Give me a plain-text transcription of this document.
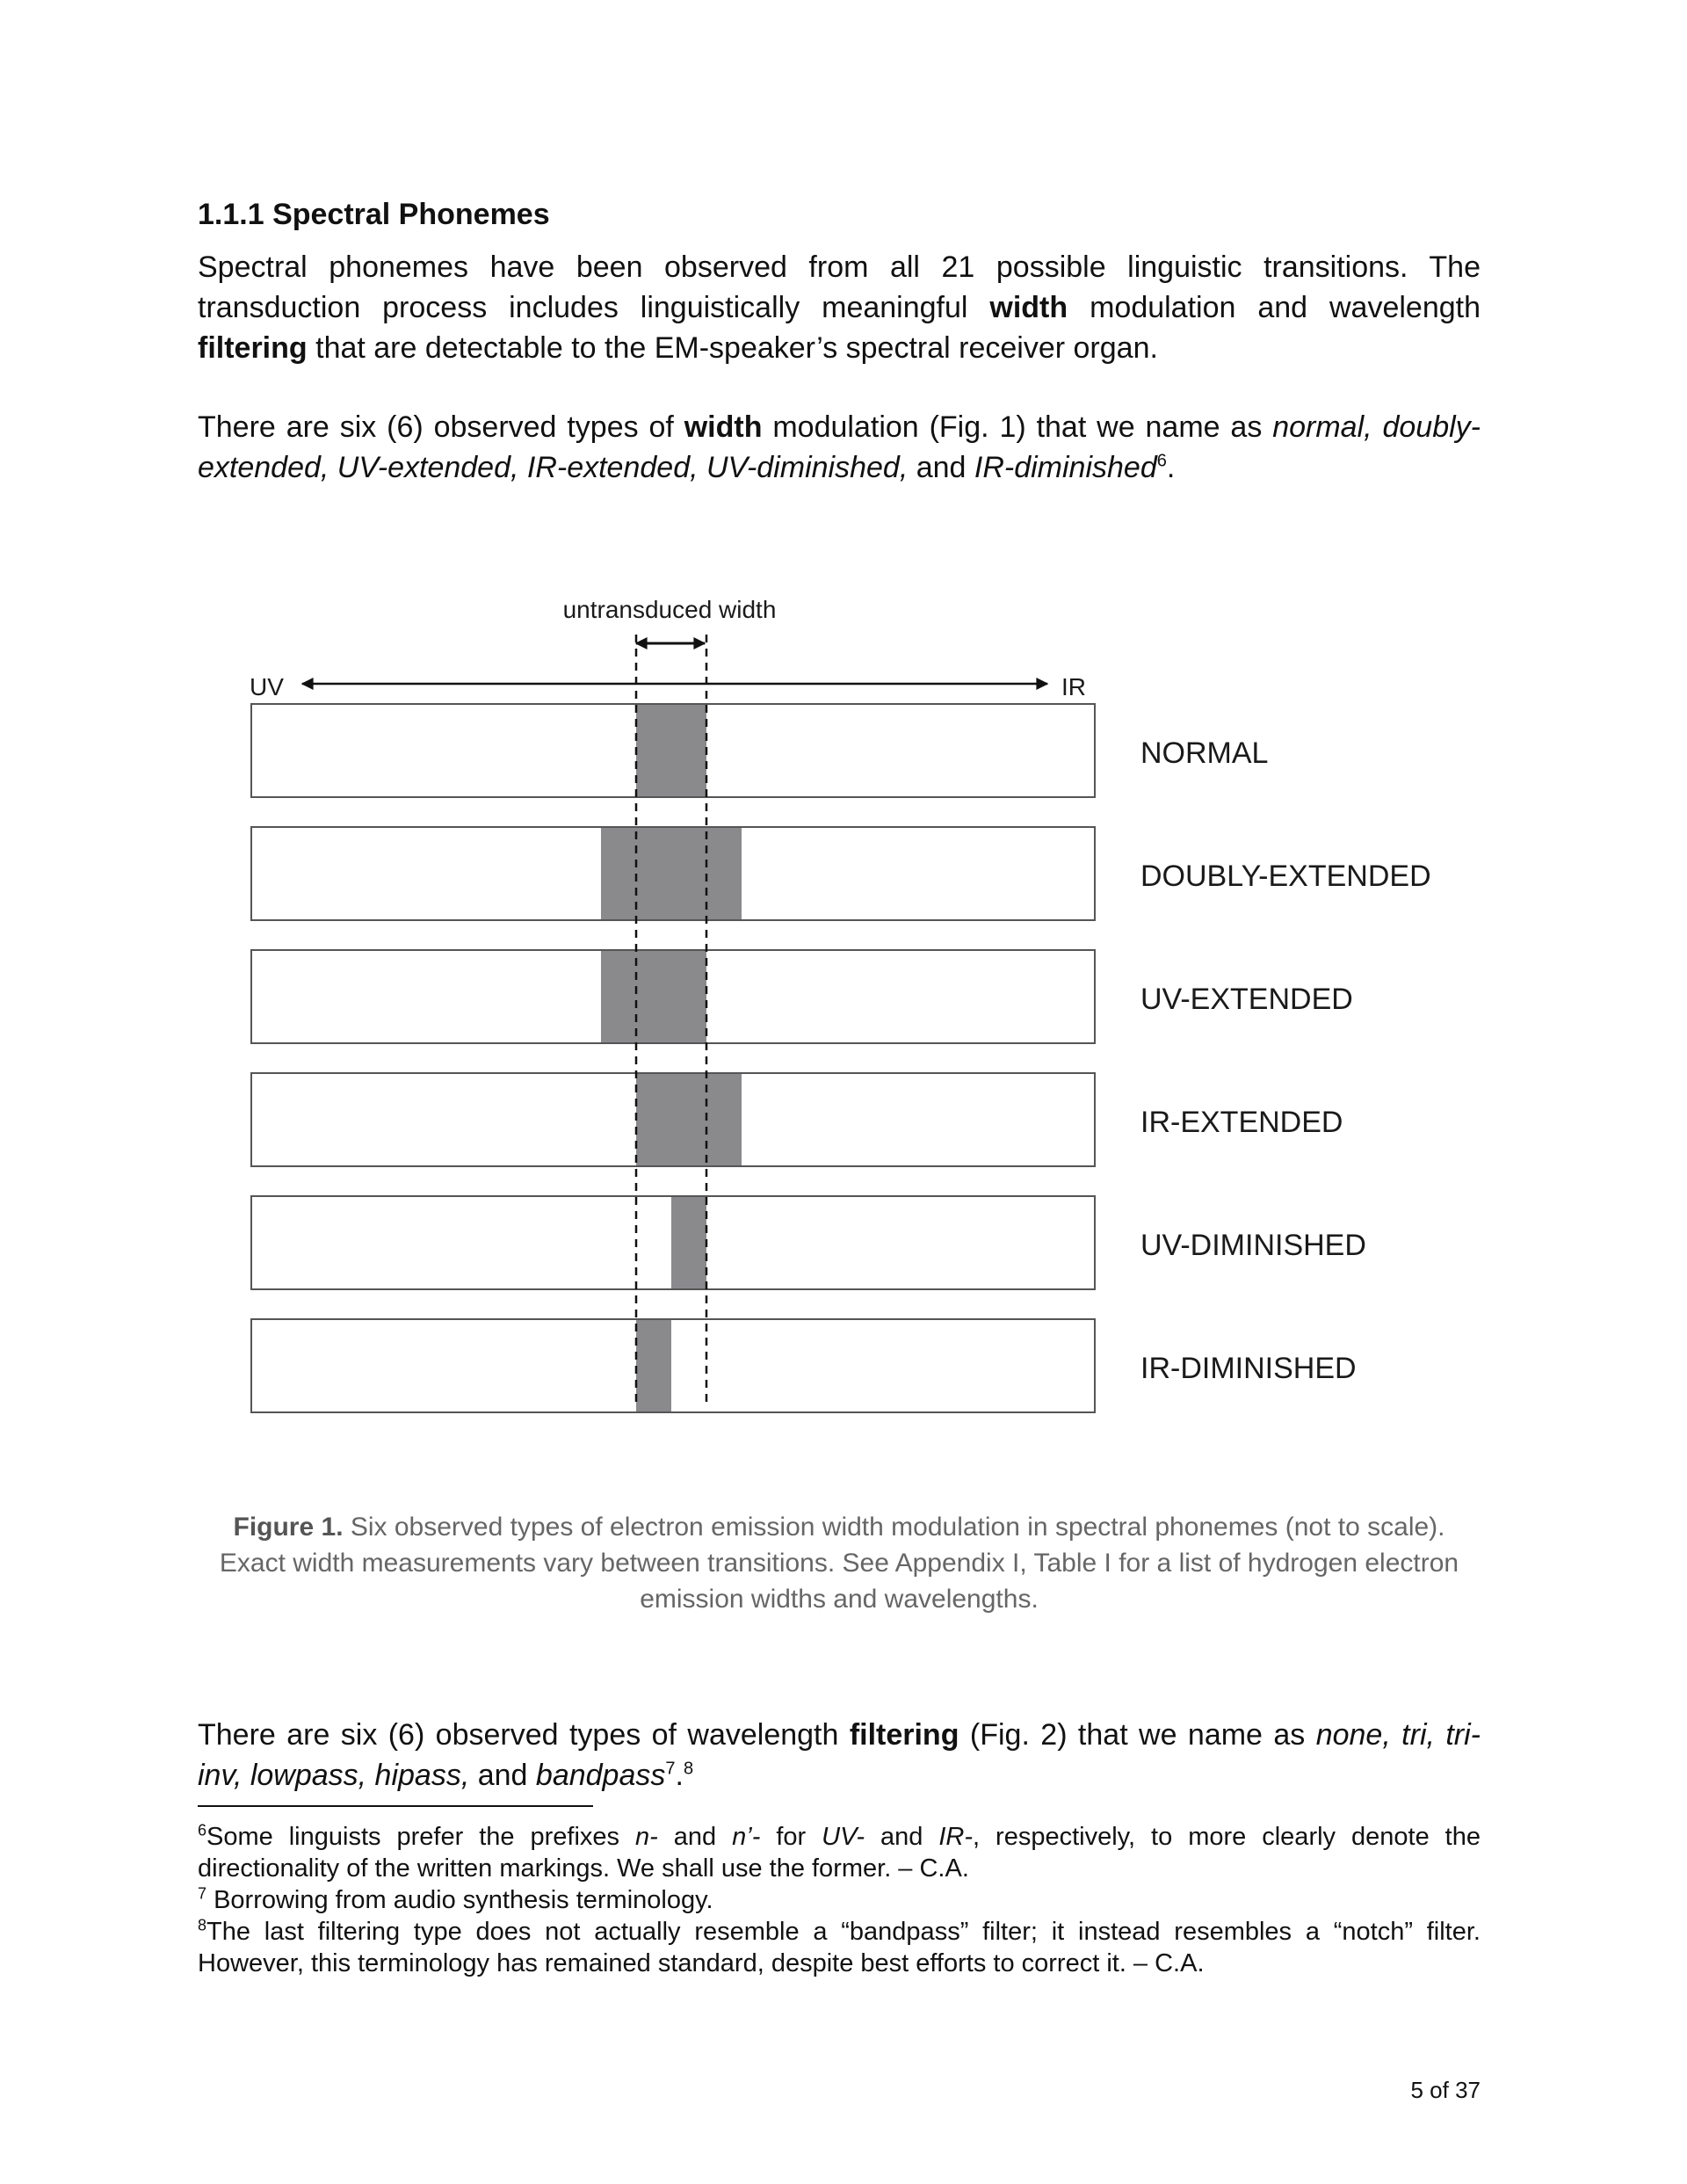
1.1.1 Spectral Phonemes

Spectral phonemes have been observed from all 21 possible linguistic transitions. The transduction process includes linguistically meaningful width modulation and wavelength filtering that are detectable to the EM-speaker’s spectral receiver organ.

There are six (6) observed types of width modulation (Fig. 1) that we name as normal, doubly-extended, UV-extended, IR-extended, UV-diminished, and IR-diminished$^6$.

untransduced width
UV	IR
NORMAL
DOUBLY-EXTENDED
UV-EXTENDED
IR-EXTENDED
UV-DIMINISHED
IR-DIMINISHED
Figure 1. Six observed types of electron emission width modulation in spectral phonemes (not to scale). Exact width measurements vary between transitions. See Appendix I, Table I for a list of hydrogen electron emission widths and wavelengths.

There are six (6) observed types of wavelength filtering (Fig. 2) that we name as none, tri, tri-inv, lowpass, hipass, and bandpass$^7$.$^8$

$^6$Some linguists prefer the prefixes n- and n’- for UV- and IR-, respectively, to more clearly denote the directionality of the written markings. We shall use the former. – C.A.
$^7$ Borrowing from audio synthesis terminology.
$^8$The last filtering type does not actually resemble a “bandpass” filter; it instead resembles a “notch” filter. However, this terminology has remained standard, despite best efforts to correct it. – C.A.
5 of 37
